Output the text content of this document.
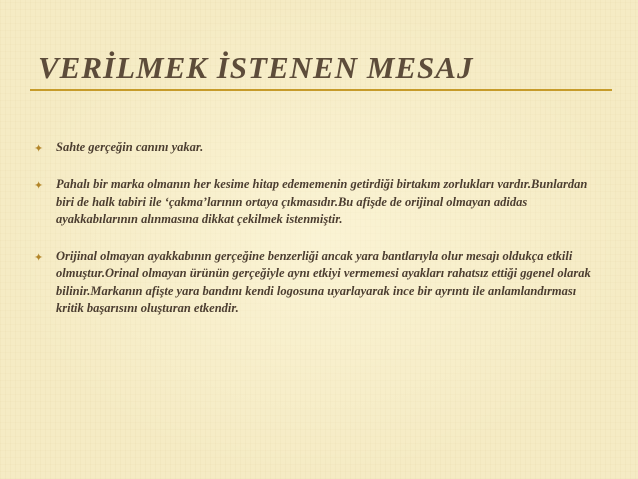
VERİLMEK İSTENEN MESAJ
✦	Sahte gerçeğin canını yakar.
✦	Pahalı bir marka olmanın her kesime hitap edememenin getirdiği birtakım zorlukları vardır.Bunlardan biri de halk tabiri ile ‘çakma’larının ortaya çıkmasıdır.Bu afişde de orijinal olmayan adidas ayakkabılarının alınmasına dikkat çekilmek istenmiştir.
✦	Orijinal olmayan ayakkabının gerçeğine benzerliği ancak yara bantlarıyla olur mesajı oldukça etkili olmuştur.Orinal olmayan ürünün gerçeğiyle aynı etkiyi vermemesi ayakları rahatsız ettiği ggenel olarak bilinir.Markanın afişte yara bandını kendi logosuna uyarlayarak ince bir ayrıntı ile anlamlandırması kritik başarısını oluşturan etkendir.
